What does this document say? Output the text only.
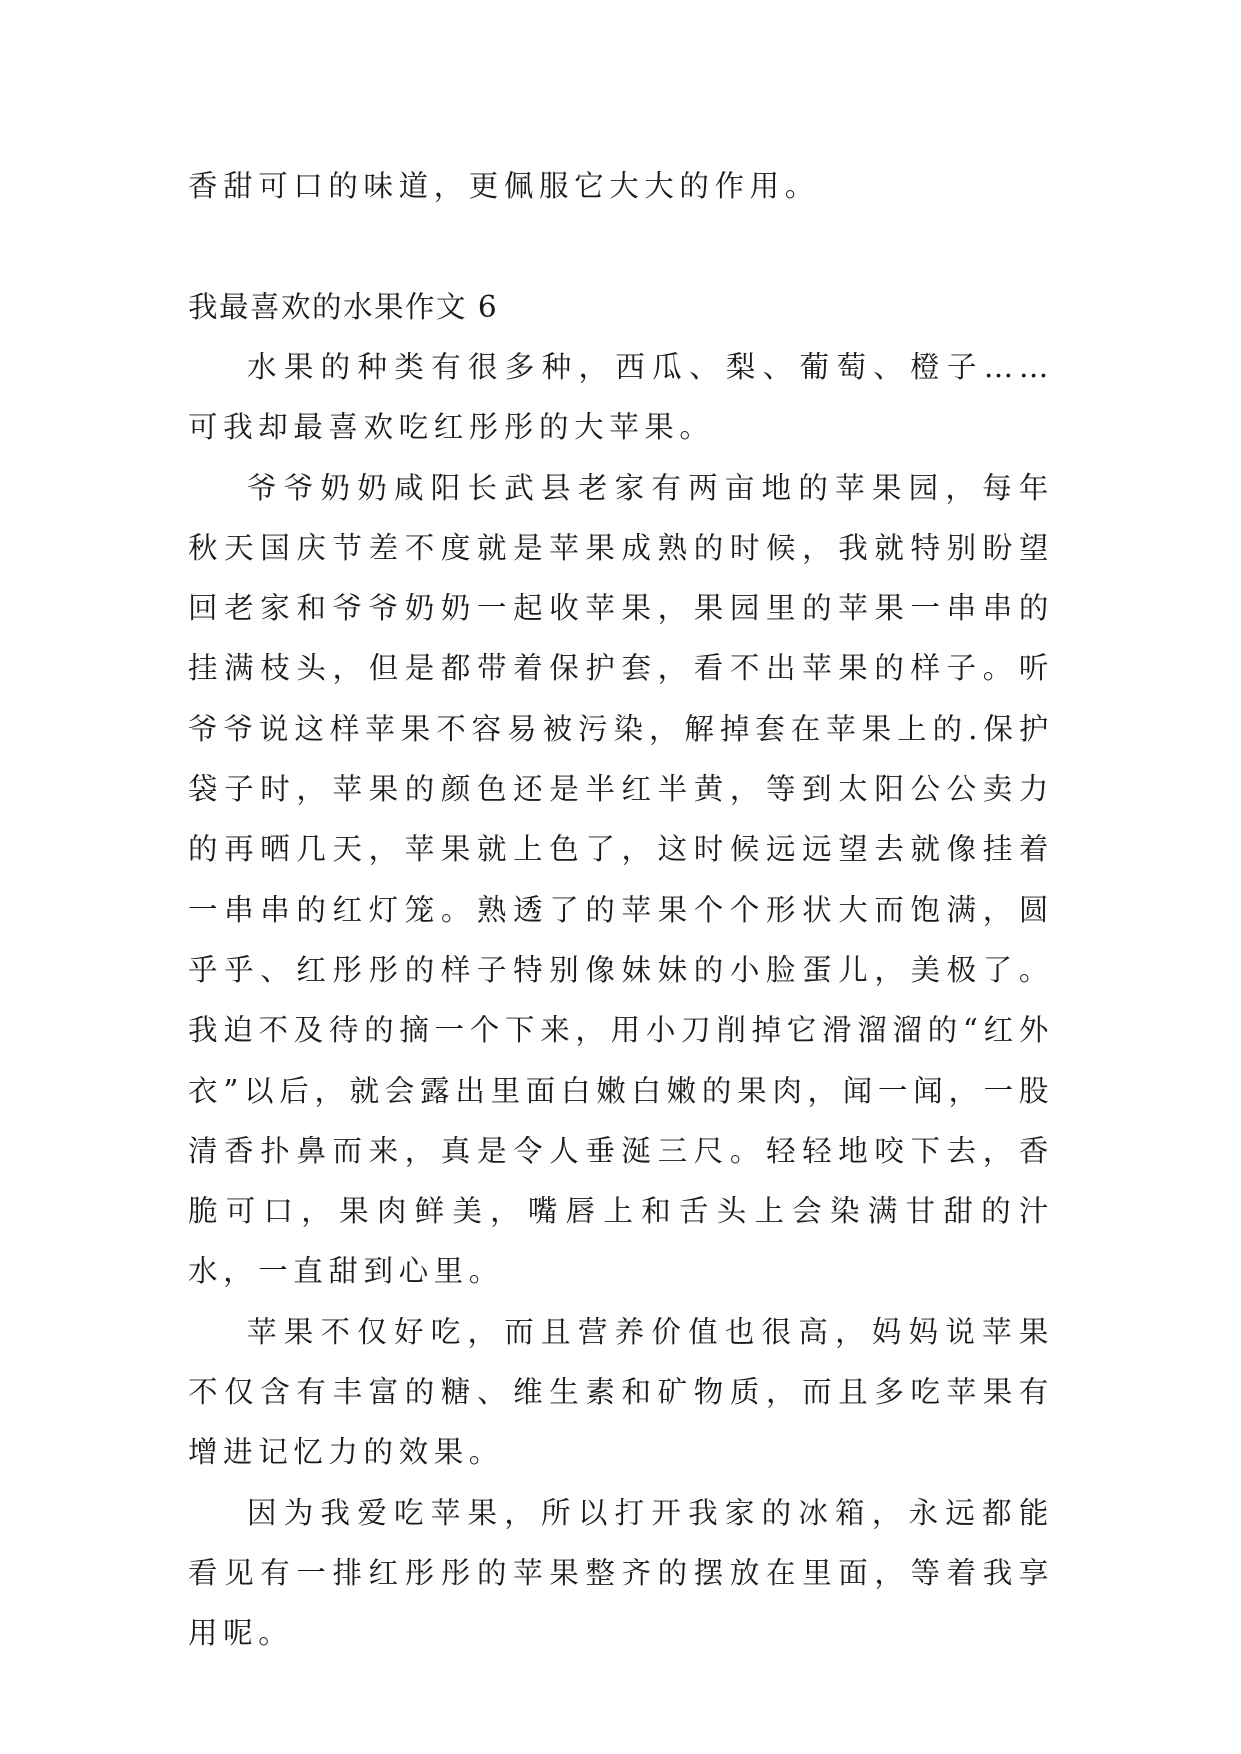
香甜可口的味道，更佩服它大大的作用。

我最喜欢的水果作文 6

水果的种类有很多种，西瓜、梨、葡萄、橙子……可我却最喜欢吃红彤彤的大苹果。

爷爷奶奶咸阳长武县老家有两亩地的苹果园，每年秋天国庆节差不度就是苹果成熟的时候，我就特别盼望回老家和爷爷奶奶一起收苹果，果园里的苹果一串串的挂满枝头，但是都带着保护套，看不出苹果的样子。听爷爷说这样苹果不容易被污染，解掉套在苹果上的.保护袋子时，苹果的颜色还是半红半黄，等到太阳公公卖力的再晒几天，苹果就上色了，这时候远远望去就像挂着一串串的红灯笼。熟透了的苹果个个形状大而饱满，圆乎乎、红彤彤的样子特别像妹妹的小脸蛋儿，美极了。我迫不及待的摘一个下来，用小刀削掉它滑溜溜的“红外衣”以后，就会露出里面白嫩白嫩的果肉，闻一闻，一股清香扑鼻而来，真是令人垂涎三尺。轻轻地咬下去，香脆可口，果肉鲜美，嘴唇上和舌头上会染满甘甜的汁水，一直甜到心里。

苹果不仅好吃，而且营养价值也很高，妈妈说苹果不仅含有丰富的糖、维生素和矿物质，而且多吃苹果有增进记忆力的效果。

因为我爱吃苹果，所以打开我家的冰箱，永远都能看见有一排红彤彤的苹果整齐的摆放在里面，等着我享用呢。
